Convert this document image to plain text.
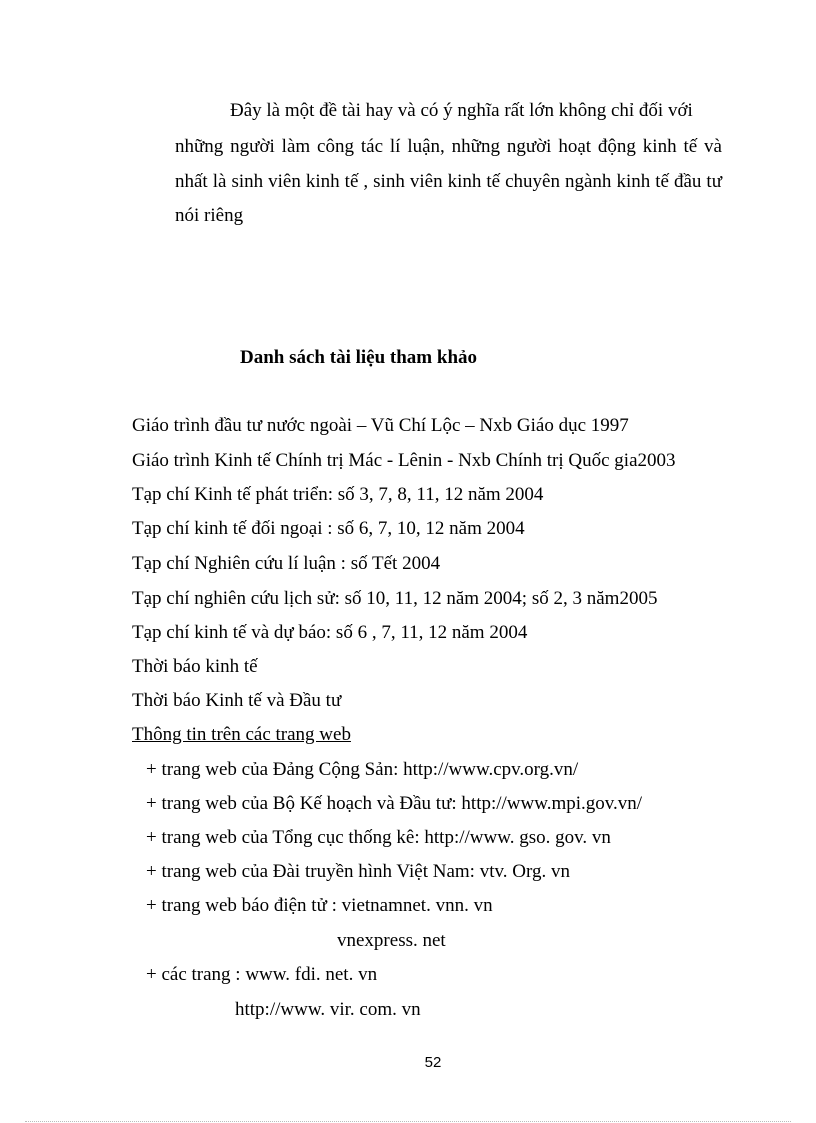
Đây là một đề tài hay và có ý nghĩa rất lớn không chỉ đối với
những người làm công tác lí luận, những người hoạt động kinh tế và
nhất là sinh viên kinh tế , sinh viên kinh tế chuyên ngành kinh tế đầu tư
nói riêng
Danh sách tài liệu tham khảo
Giáo trình đầu tư nước ngoài – Vũ Chí Lộc – Nxb Giáo dục 1997
Giáo trình Kinh tế Chính trị Mác - Lênin - Nxb Chính trị Quốc gia2003
Tạp chí Kinh tế phát triển: số 3, 7, 8, 11, 12 năm 2004
Tạp chí kinh tế đối ngoại : số 6, 7, 10, 12 năm 2004
Tạp chí Nghiên cứu lí luận : số Tết 2004
Tạp chí nghiên cứu lịch sử: số 10, 11, 12 năm 2004; số 2, 3 năm2005
Tạp chí kinh tế và dự báo: số 6 , 7, 11, 12 năm 2004
Thời báo kinh tế
Thời báo Kinh tế và Đầu tư
Thông tin trên các trang web
+ trang web của Đảng Cộng Sản: http://www.cpv.org.vn/
+ trang web của Bộ Kế hoạch và Đầu tư: http://www.mpi.gov.vn/
+ trang web của Tổng cục thống kê: http://www. gso. gov. vn
+ trang web của Đài truyền hình Việt Nam: vtv. Org. vn
+ trang web báo điện tử : vietnamnet. vnn. vn
vnexpress. net
+ các trang : www. fdi. net. vn
http://www. vir. com. vn
52
